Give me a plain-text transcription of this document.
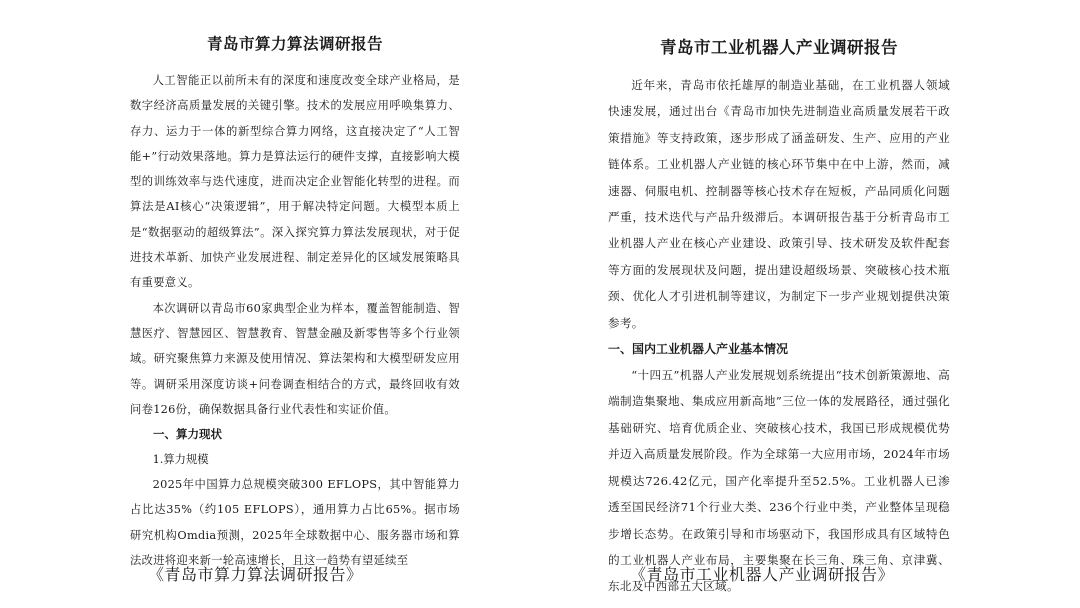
青岛市算力算法调研报告

人工智能正以前所未有的深度和速度改变全球产业格局，是数字经济高质量发展的关键引擎。技术的发展应用呼唤集算力、存力、运力于一体的新型综合算力网络，这直接决定了“人工智能+”行动效果落地。算力是算法运行的硬件支撑，直接影响大模型的训练效率与迭代速度，进而决定企业智能化转型的进程。而算法是AI核心“决策逻辑”，用于解决特定问题。大模型本质上是“数据驱动的超级算法”。深入探究算力算法发展现状，对于促进技术革新、加快产业发展进程、制定差异化的区域发展策略具有重要意义。

本次调研以青岛市60家典型企业为样本，覆盖智能制造、智慧医疗、智慧园区、智慧教育、智慧金融及新零售等多个行业领域。研究聚焦算力来源及使用情况、算法架构和大模型研发应用等。调研采用深度访谈+问卷调查相结合的方式，最终回收有效问卷126份，确保数据具备行业代表性和实证价值。

一、算力现状

1.算力规模

2025年中国算力总规模突破300 EFLOPS，其中智能算力占比达35%（约105 EFLOPS），通用算力占比65%。据市场研究机构Omdia预测，2025年全球数据中心、服务器市场和算法改进将迎来新一轮高速增长，且这一趋势有望延续至

青岛市工业机器人产业调研报告

近年来，青岛市依托雄厚的制造业基础，在工业机器人领域快速发展，通过出台《青岛市加快先进制造业高质量发展若干政策措施》等支持政策，逐步形成了涵盖研发、生产、应用的产业链体系。工业机器人产业链的核心环节集中在中上游，然而，减速器、伺服电机、控制器等核心技术存在短板，产品同质化问题严重，技术迭代与产品升级滞后。本调研报告基于分析青岛市工业机器人产业在核心产业建设、政策引导、技术研发及软件配套等方面的发展现状及问题，提出建设超级场景、突破核心技术瓶颈、优化人才引进机制等建议，为制定下一步产业规划提供决策参考。

一、国内工业机器人产业基本情况

“十四五”机器人产业发展规划系统提出“技术创新策源地、高端制造集聚地、集成应用新高地”三位一体的发展路径，通过强化基础研究、培育优质企业、突破核心技术，我国已形成规模优势并迈入高质量发展阶段。作为全球第一大应用市场，2024年市场规模达726.42亿元，国产化率提升至52.5%。工业机器人已渗透至国民经济71个行业大类、236个行业中类，产业整体呈现稳步增长态势。在政策引导和市场驱动下，我国形成具有区域特色的工业机器人产业布局，主要集聚在长三角、珠三角、京津冀、东北及中西部五大区域。

《青岛市算力算法调研报告》	《青岛市工业机器人产业调研报告》
